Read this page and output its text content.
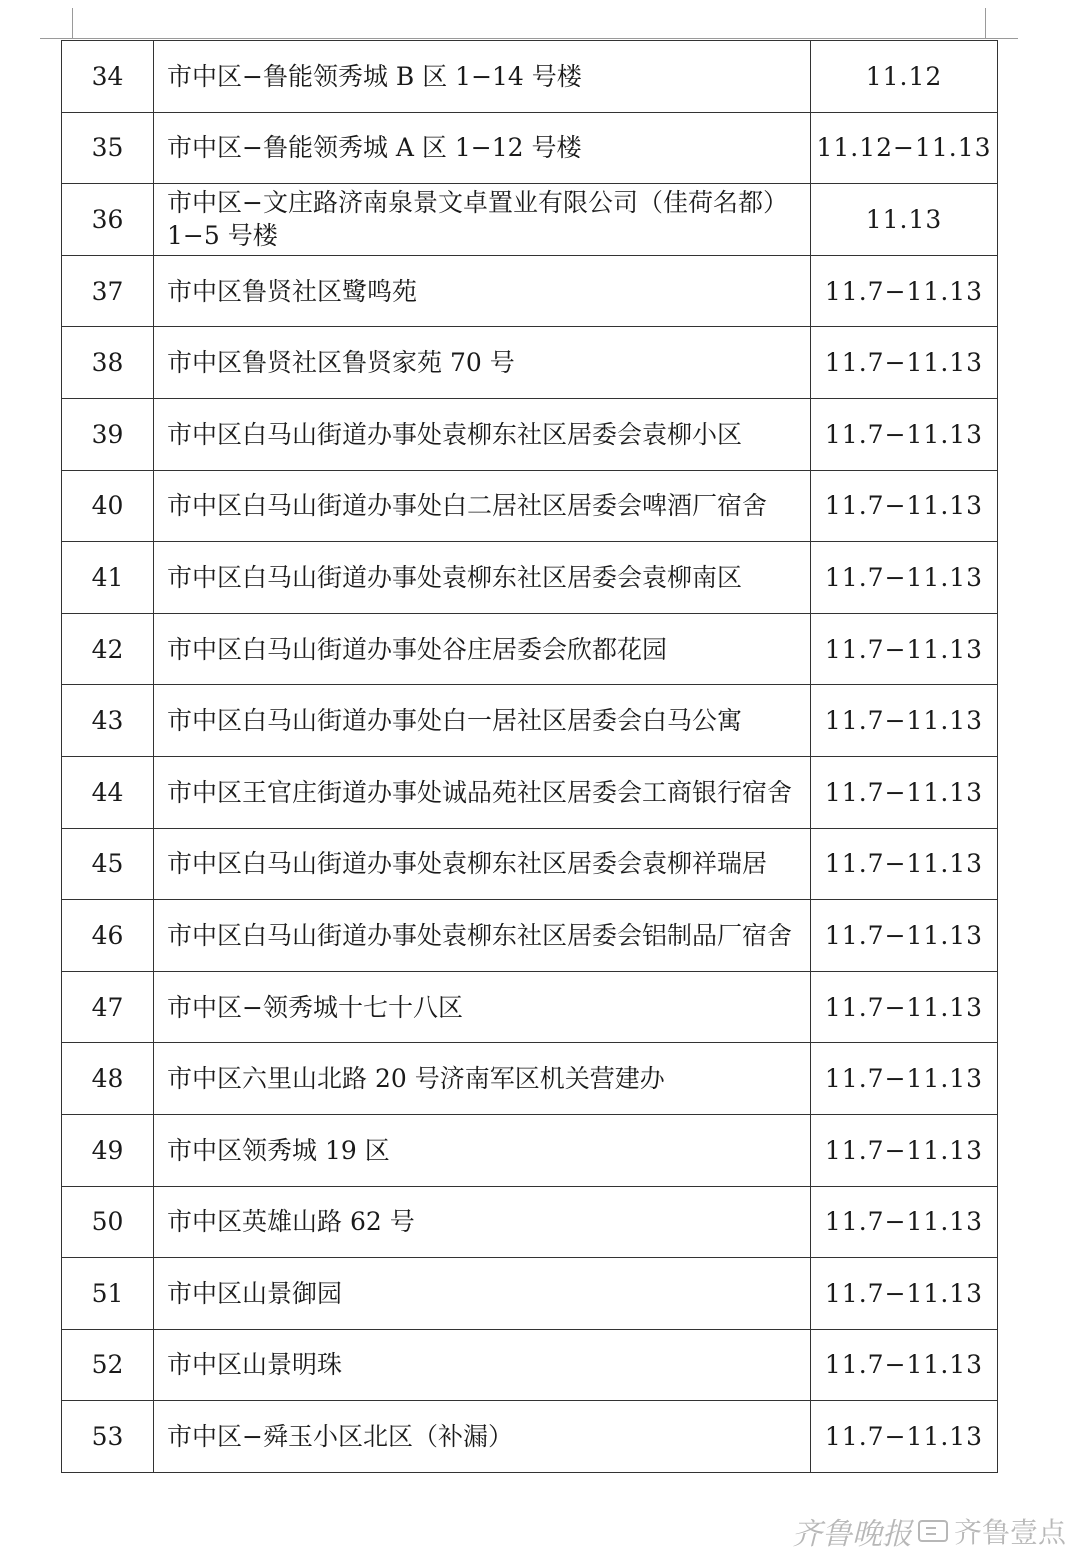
34	市中区−鲁能领秀城 B 区 1−14 号楼	11.12
35	市中区−鲁能领秀城 A 区 1−12 号楼	11.12−11.13
36	市中区−文庄路济南泉景文卓置业有限公司（佳荷名都）1−5 号楼	11.13
37	市中区鲁贤社区鹭鸣苑	11.7−11.13
38	市中区鲁贤社区鲁贤家苑 70 号	11.7−11.13
39	市中区白马山街道办事处袁柳东社区居委会袁柳小区	11.7−11.13
40	市中区白马山街道办事处白二居社区居委会啤酒厂宿舍	11.7−11.13
41	市中区白马山街道办事处袁柳东社区居委会袁柳南区	11.7−11.13
42	市中区白马山街道办事处谷庄居委会欣都花园	11.7−11.13
43	市中区白马山街道办事处白一居社区居委会白马公寓	11.7−11.13
44	市中区王官庄街道办事处诚品苑社区居委会工商银行宿舍	11.7−11.13
45	市中区白马山街道办事处袁柳东社区居委会袁柳祥瑞居	11.7−11.13
46	市中区白马山街道办事处袁柳东社区居委会铝制品厂宿舍	11.7−11.13
47	市中区−领秀城十七十八区	11.7−11.13
48	市中区六里山北路 20 号济南军区机关营建办	11.7−11.13
49	市中区领秀城 19 区	11.7−11.13
50	市中区英雄山路 62 号	11.7−11.13
51	市中区山景御园	11.7−11.13
52	市中区山景明珠	11.7−11.13
53	市中区−舜玉小区北区（补漏）	11.7−11.13
齐鲁晚报 齐鲁壹点
